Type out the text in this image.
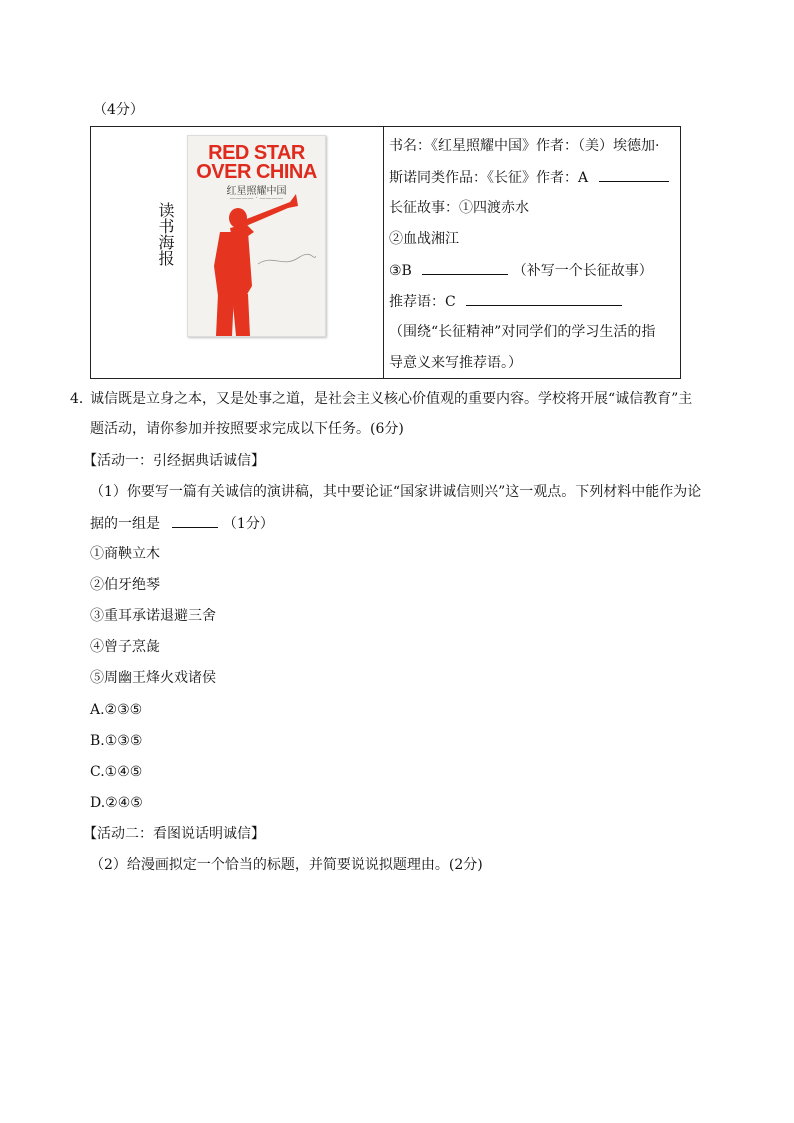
（4分）
读书海报
RED STAR
OVER CHINA
红星照耀中国
———— · ————
书名：《红星照耀中国》作者：（美）埃德加·
斯诺同类作品：《长征》作者：A
长征故事：①四渡赤水
②血战湘江
③B	（补写一个长征故事）
推荐语：C
（围绕“长征精神”对同学们的学习生活的指
导意义来写推荐语。）
4．
诚信既是立身之本，又是处事之道，是社会主义核心价值观的重要内容。学校将开展“诚信教育”主
题活动，请你参加并按照要求完成以下任务。(6分)
【活动一：引经据典话诚信】
（1）你要写一篇有关诚信的演讲稿，其中要论证“国家讲诚信则兴”这一观点。下列材料中能作为论
据的一组是	（1分）
①商鞅立木
②伯牙绝琴
③重耳承诺退避三舍
④曾子烹彘
⑤周幽王烽火戏诸侯
A.②③⑤
B.①③⑤
C.①④⑤
D.②④⑤
【活动二：看图说话明诚信】
（2）给漫画拟定一个恰当的标题，并简要说说拟题理由。(2分)
